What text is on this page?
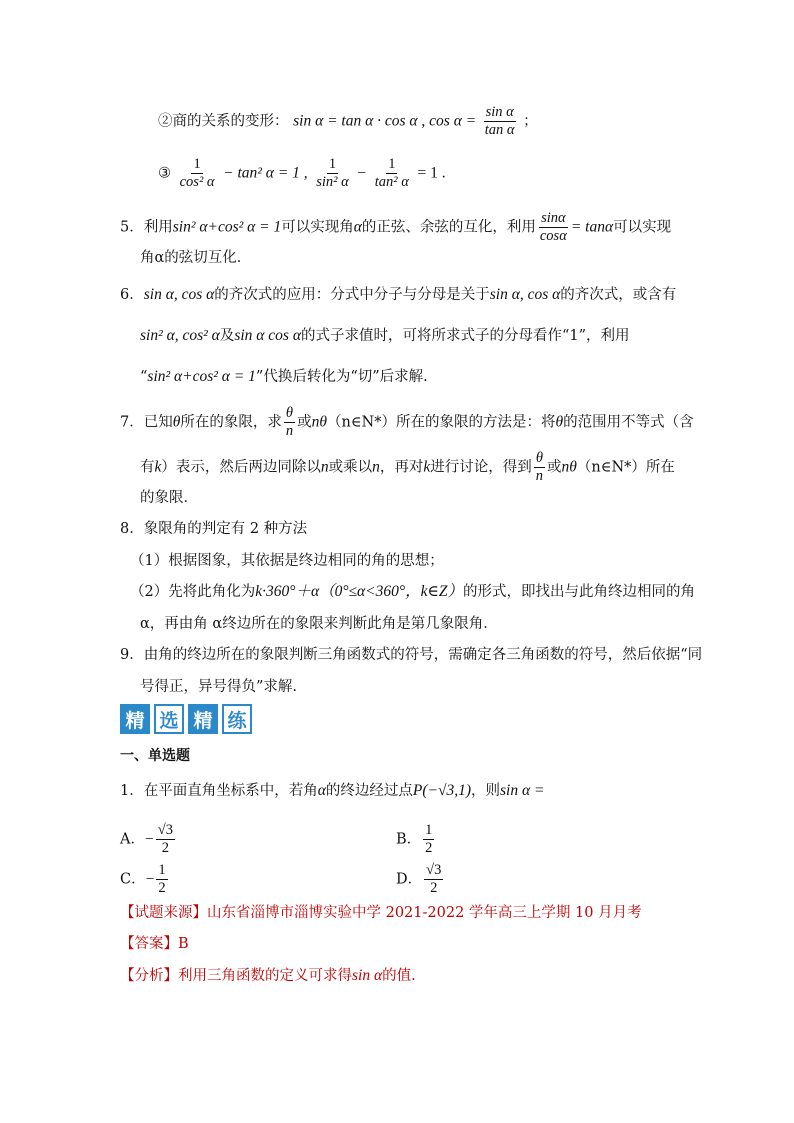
②商的关系的变形： sin α = tan α · cos α , $\cos \alpha = \frac{\text{sin α}}{\text{tan α}}$ ；
③ $\frac{1}{\text{cos² α}} - \tan^2$ α = 1 , $\frac{1}{\text{sin² α}} - \frac{1}{\text{tan² α}} = 1$ .
5．利用sin² α+cos² α = 1可以实现角α的正弦、余弦的互化，利用 $\frac{\sin\alpha}{\cos\alpha} = \tan\alpha$可以实现
角α的弦切互化．
6．sin α, cos α的齐次式的应用：分式中分子与分母是关于sin α, cos α的齐次式，或含有
sin² α, cos² α及sin α cos α的式子求值时，可将所求式子的分母看作“1”，利用
“sin² α+cos² α = 1”代换后转化为“切”后求解.
7．已知θ所在的象限，求 $\frac{\theta}{n}$ 或nθ（n∈N*）所在的象限的方法是：将θ的范围用不等式（含
有k）表示，然后两边同除以n或乘以n，再对k进行讨论，得到 $\frac{\theta}{n}$ 或nθ（n∈N*）所在
的象限．
8．象限角的判定有 2 种方法
（1）根据图象，其依据是终边相同的角的思想；
（2）先将此角化为k·360°＋α（0°≤α<360°，k∈Z）的形式，即找出与此角终边相同的角
α，再由角 α终边所在的象限来判断此角是第几象限角．
9．由角的终边所在的象限判断三角函数式的符号，需确定各三角函数的符号，然后依据“同
号得正，异号得负”求解.
精 选 精 练
一、单选题
1．在平面直角坐标系中，若角α的终边经过点P(−√3,1)，则sin α =
A．− $\frac{√3}{2}$	B． $\frac{1}{2}$
C．− $\frac{1}{2}$	D． $\frac{√3}{2}$
【试题来源】山东省淄博市淄博实验中学 2021-2022 学年高三上学期 10 月月考
【答案】B
【分析】利用三角函数的定义可求得sin α的值.
